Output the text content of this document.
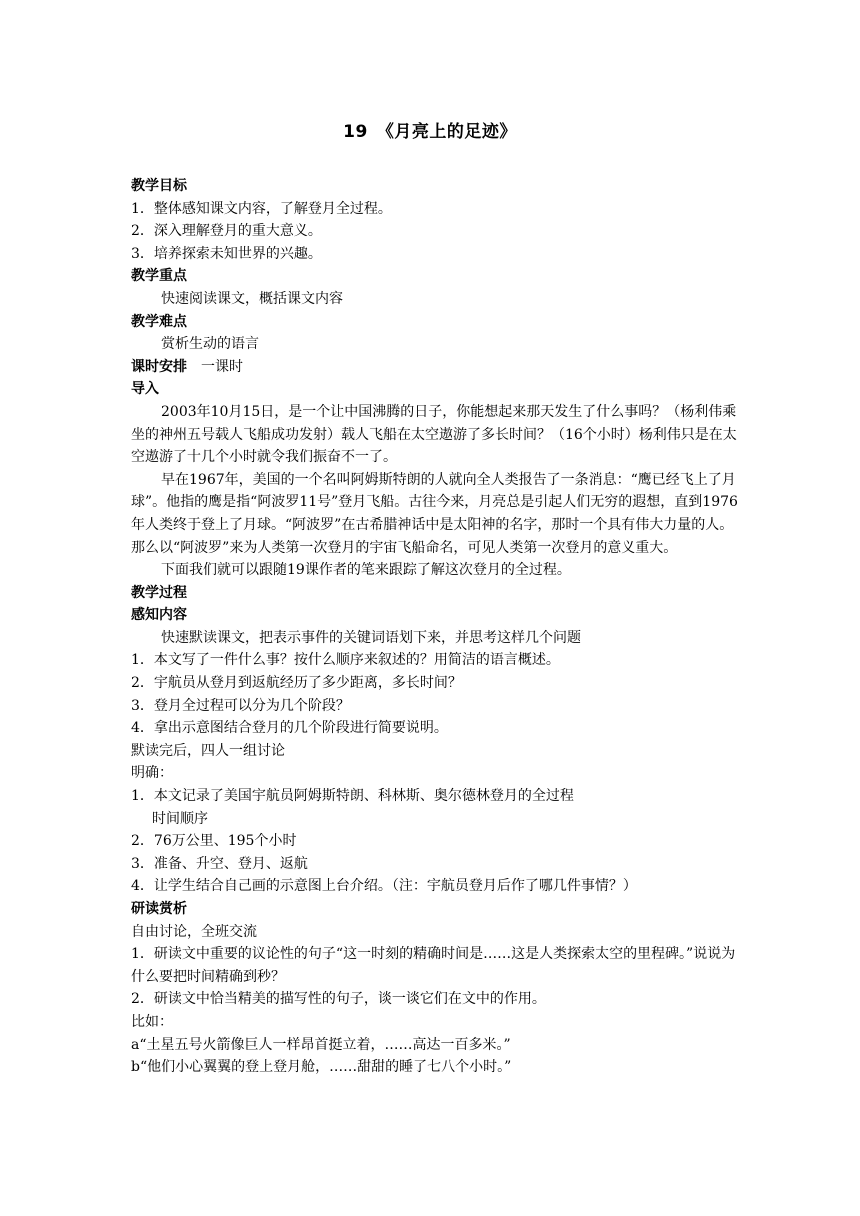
19　《月亮上的足迹》

教学目标

1．整体感知课文内容，了解登月全过程。

2．深入理解登月的重大意义。

3．培养探索未知世界的兴趣。

教学重点

快速阅读课文，概括课文内容

教学难点

赏析生动的语言

课时安排 一课时

导入

2003年10月15日，是一个让中国沸腾的日子，你能想起来那天发生了什么事吗？（杨利伟乘坐的神州五号载人飞船成功发射）载人飞船在太空遨游了多长时间？（16个小时）杨利伟只是在太空遨游了十几个小时就令我们振奋不一了。

早在1967年，美国的一个名叫阿姆斯特朗的人就向全人类报告了一条消息：“鹰已经飞上了月球”。他指的鹰是指“阿波罗11号”登月飞船。古往今来，月亮总是引起人们无穷的遐想，直到1976年人类终于登上了月球。“阿波罗”在古希腊神话中是太阳神的名字，那时一个具有伟大力量的人。那么以“阿波罗”来为人类第一次登月的宇宙飞船命名，可见人类第一次登月的意义重大。

下面我们就可以跟随19课作者的笔来跟踪了解这次登月的全过程。

教学过程

感知内容

快速默读课文，把表示事件的关键词语划下来，并思考这样几个问题

1．本文写了一件什么事？按什么顺序来叙述的？用简洁的语言概述。

2．宇航员从登月到返航经历了多少距离，多长时间？

3．登月全过程可以分为几个阶段？

4．拿出示意图结合登月的几个阶段进行简要说明。

默读完后，四人一组讨论

明确：

1．本文记录了美国宇航员阿姆斯特朗、科林斯、奥尔德林登月的全过程

时间顺序

2．76万公里、195个小时

3．准备、升空、登月、返航

4．让学生结合自己画的示意图上台介绍。（注：宇航员登月后作了哪几件事情？）

研读赏析

自由讨论，全班交流

1．研读文中重要的议论性的句子“这一时刻的精确时间是……这是人类探索太空的里程碑。”说说为什么要把时间精确到秒？

2．研读文中恰当精美的描写性的句子，谈一谈它们在文中的作用。

比如：

a“土星五号火箭像巨人一样昂首挺立着，……高达一百多米。”

b“他们小心翼翼的登上登月舱，……甜甜的睡了七八个小时。”
